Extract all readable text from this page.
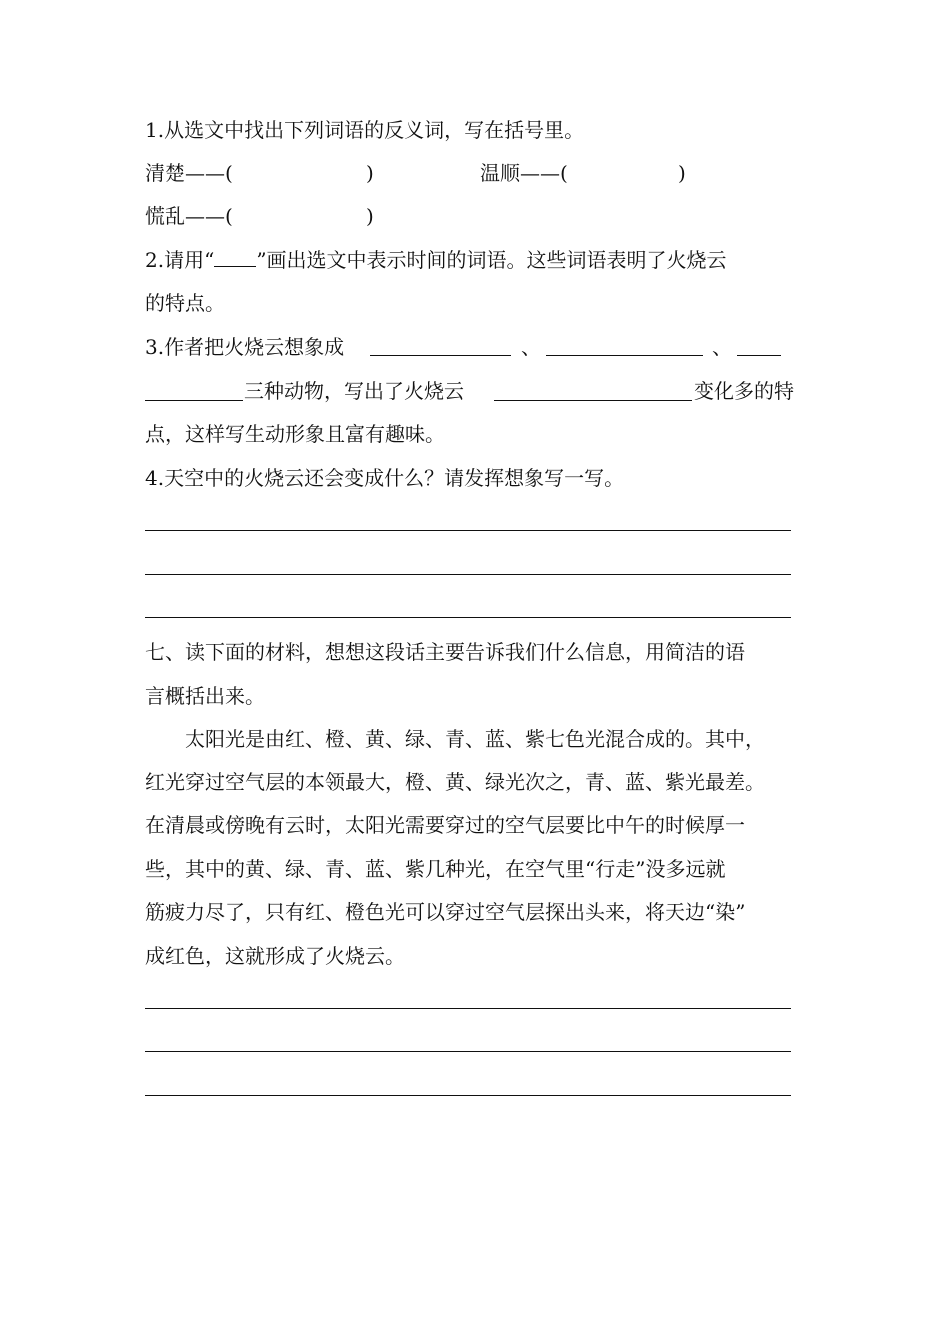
1.从选文中找出下列词语的反义词，写在括号里。
清楚——(	)	温顺——(	)
慌乱——(	)
2.请用“ ”画出选文中表示时间的词语。这些词语表明了火烧云
的特点。
3.作者把火烧云想象成	、	、
三种动物，写出了火烧云	变化多的特
点，这样写生动形象且富有趣味。
4.天空中的火烧云还会变成什么？请发挥想象写一写。
七、读下面的材料，想想这段话主要告诉我们什么信息，用简洁的语
言概括出来。
太阳光是由红、橙、黄、绿、青、蓝、紫七色光混合成的。其中，
红光穿过空气层的本领最大，橙、黄、绿光次之，青、蓝、紫光最差。
在清晨或傍晚有云时，太阳光需要穿过的空气层要比中午的时候厚一
些，其中的黄、绿、青、蓝、紫几种光，在空气里“行走”没多远就
筋疲力尽了，只有红、橙色光可以穿过空气层探出头来，将天边“染”
成红色，这就形成了火烧云。
